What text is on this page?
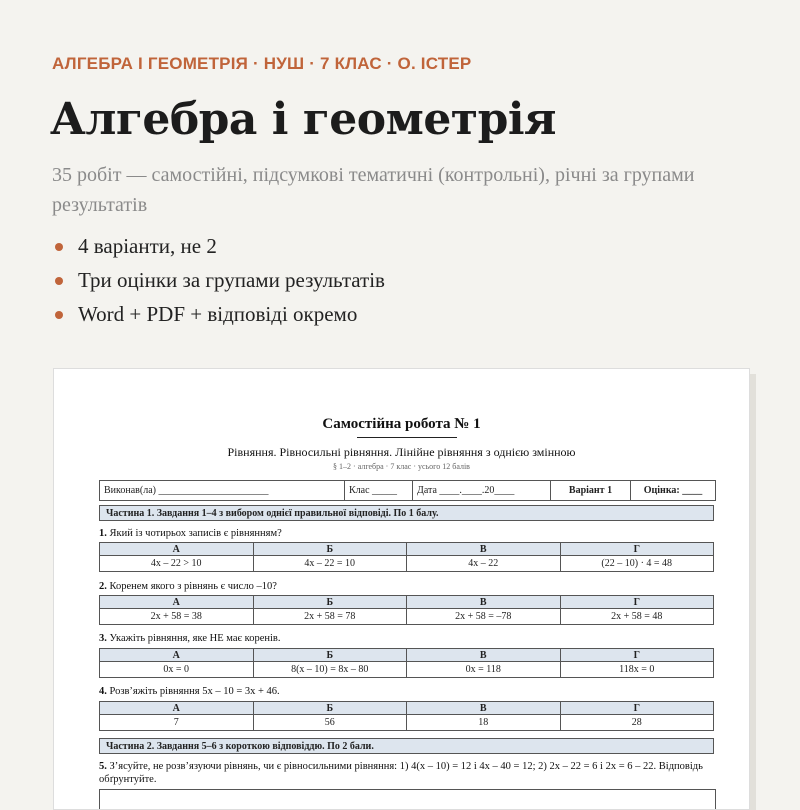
АЛГЕБРА І ГЕОМЕТРІЯ · НУШ · 7 КЛАС · О. ІСТЕР
Алгебра і геометрія
35 робіт — самостійні, підсумкові тематичні (контрольні), річні за групами результатів
4 варіанти, не 2
Три оцінки за групами результатів
Word + PDF + відповіді окремо
Самостійна робота № 1
Рівняння. Рівносильні рівняння. Лінійне рівняння з однією змінною
§ 1–2 · алгебра · 7 клас · усього 12 балів
Виконав(ла) ______________________	Клас _____	Дата ____.____.20____	Варіант 1	Оцінка: ____
Частина 1. Завдання 1–4 з вибором однієї правильної відповіді. По 1 балу.
1. Який із чотирьох записів є рівнянням?
А	Б	В	Г
4x – 22 > 10	4x – 22 = 10	4x – 22	(22 – 10) · 4 = 48
2. Коренем якого з рівнянь є число –10?
А	Б	В	Г
2x + 58 = 38	2x + 58 = 78	2x + 58 = –78	2x + 58 = 48
3. Укажіть рівняння, яке НЕ має коренів.
А	Б	В	Г
0x = 0	8(x – 10) = 8x – 80	0x = 118	118x = 0
4. Розв’яжіть рівняння 5x – 10 = 3x + 46.
А	Б	В	Г
7	56	18	28
Частина 2. Завдання 5–6 з короткою відповіддю. По 2 бали.
5. З’ясуйте, не розв’язуючи рівнянь, чи є рівносильними рівняння: 1) 4(x – 10) = 12 і 4x – 40 = 12; 2) 2x – 22 = 6 і 2x = 6 – 22. Відповідь обґрунтуйте.
